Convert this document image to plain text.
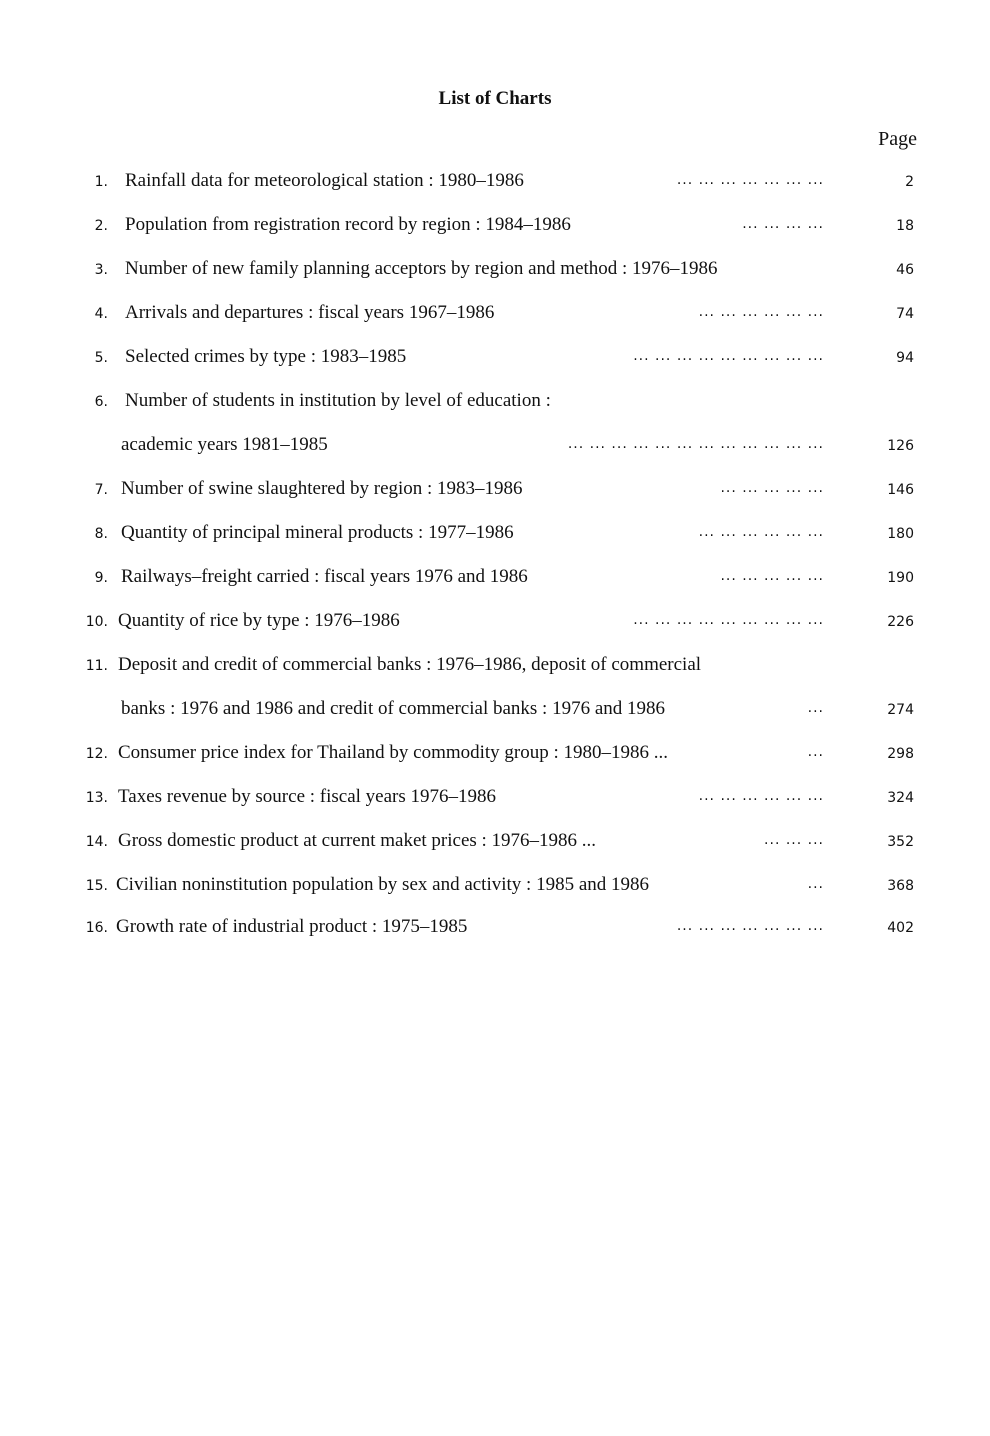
List of Charts
Page
1. Rainfall data for meteorological station : 1980–1986	... ... ... ... ... ... ...	2
2. Population from registration record by region : 1984–1986	... ... ... ...	18
3. Number of new family planning acceptors by region and method : 1976–1986	46
4. Arrivals and departures : fiscal years 1967–1986	... ... ... ... ... ...	74
5. Selected crimes by type : 1983–1985	... ... ... ... ... ... ... ... ...	94
6. Number of students in institution by level of education :
academic years 1981–1985	... ... ... ... ... ... ... ... ... ... ... ...	126
7. Number of swine slaughtered by region : 1983–1986	... ... ... ... ...	146
8. Quantity of principal mineral products : 1977–1986	... ... ... ... ... ...	180
9. Railways–freight carried : fiscal years 1976 and 1986	... ... ... ... ...	190
10. Quantity of rice by type : 1976–1986	... ... ... ... ... ... ... ... ...	226
11. Deposit and credit of commercial banks : 1976–1986, deposit of commercial
banks : 1976 and 1986 and credit of commercial banks : 1976 and 1986	...	274
12. Consumer price index for Thailand by commodity group : 1980–1986 ...	...	298
13. Taxes revenue by source : fiscal years 1976–1986	... ... ... ... ... ...	324
14. Gross domestic product at current maket prices : 1976–1986 ...	... ... ...	352
15. Civilian noninstitution population by sex and activity : 1985 and 1986	...	368
16. Growth rate of industrial product : 1975–1985	... ... ... ... ... ... ...	402
